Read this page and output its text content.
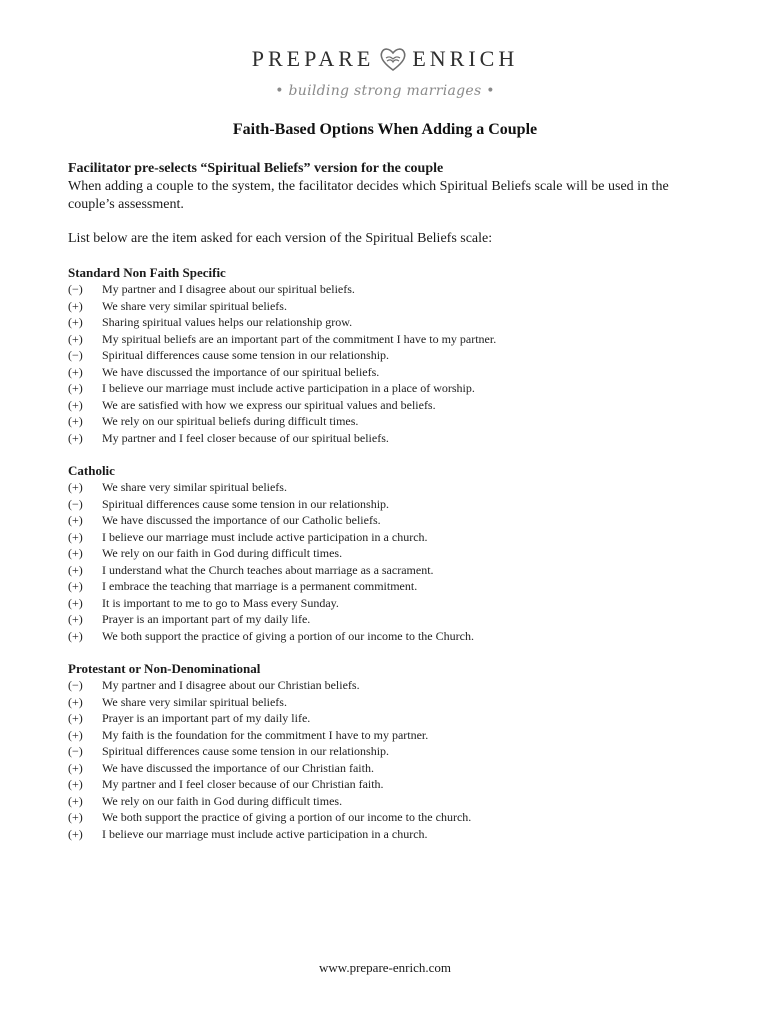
PREPARE ENRICH
• building strong marriages •
Faith-Based Options When Adding a Couple
Facilitator pre-selects “Spiritual Beliefs” version for the couple
When adding a couple to the system, the facilitator decides which Spiritual Beliefs scale will be used in the couple’s assessment.
List below are the item asked for each version of the Spiritual Beliefs scale:
Standard Non Faith Specific
(−)	My partner and I disagree about our spiritual beliefs.
(+)	We share very similar spiritual beliefs.
(+)	Sharing spiritual values helps our relationship grow.
(+)	My spiritual beliefs are an important part of the commitment I have to my partner.
(−)	Spiritual differences cause some tension in our relationship.
(+)	We have discussed the importance of our spiritual beliefs.
(+)	I believe our marriage must include active participation in a place of worship.
(+)	We are satisfied with how we express our spiritual values and beliefs.
(+)	We rely on our spiritual beliefs during difficult times.
(+)	My partner and I feel closer because of our spiritual beliefs.
Catholic
(+)	We share very similar spiritual beliefs.
(−)	Spiritual differences cause some tension in our relationship.
(+)	We have discussed the importance of our Catholic beliefs.
(+)	I believe our marriage must include active participation in a church.
(+)	We rely on our faith in God during difficult times.
(+)	I understand what the Church teaches about marriage as a sacrament.
(+)	I embrace the teaching that marriage is a permanent commitment.
(+)	It is important to me to go to Mass every Sunday.
(+)	Prayer is an important part of my daily life.
(+)	We both support the practice of giving a portion of our income to the Church.
Protestant or Non-Denominational
(−)	My partner and I disagree about our Christian beliefs.
(+)	We share very similar spiritual beliefs.
(+)	Prayer is an important part of my daily life.
(+)	My faith is the foundation for the commitment I have to my partner.
(−)	Spiritual differences cause some tension in our relationship.
(+)	We have discussed the importance of our Christian faith.
(+)	My partner and I feel closer because of our Christian faith.
(+)	We rely on our faith in God during difficult times.
(+)	We both support the practice of giving a portion of our income to the church.
(+)	I believe our marriage must include active participation in a church.
www.prepare-enrich.com
